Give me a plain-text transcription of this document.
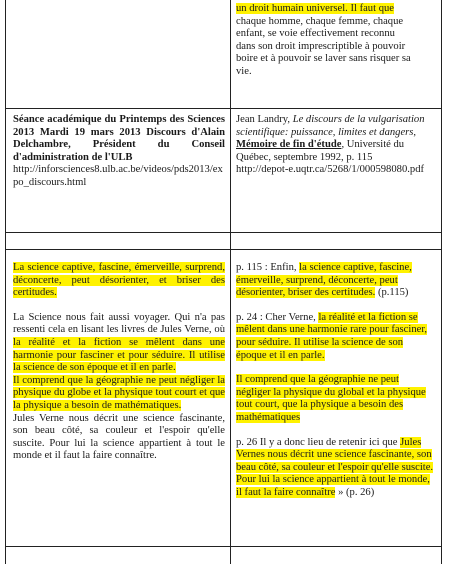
un droit humain universel. Il faut que

chaque homme, chaque femme, chaque

enfant, se voie effectivement reconnu

dans son droit imprescriptible à pouvoir

boire et à pouvoir se laver sans risquer sa

vie.

Séance académique du Printemps des Sciences 2013 Mardi 19 mars 2013 Discours d'Alain Delchambre, Président du Conseil d'administration de l'ULB

http://inforsciences8.ulb.ac.be/videos/pds2013/expo_discours.html

Jean Landry, Le discours de la vulgarisation scientifique: puissance, limites et dangers, Mémoire de fin d'étude, Université du Québec, septembre 1992, p. 115

http://depot-e.uqtr.ca/5268/1/000598080.pdf

La science captive, fascine, émerveille, surprend, déconcerte, peut désorienter, et briser des certitudes.

La Science nous fait aussi voyager. Qui n'a pas ressenti cela en lisant les livres de Jules Verne, où la réalité et la fiction se mêlent dans une harmonie pour fasciner et pour séduire. Il utilise la science de son époque et il en parle.
Il comprend que la géographie ne peut négliger la physique du globe et la physique tout court et que la physique a besoin de mathématiques.

Jules Verne nous décrit une science fascinante, son beau côté, sa couleur et l'espoir qu'elle suscite. Pour lui la science appartient à tout le monde et il faut la faire connaître.

p. 115 : Enfin, la science captive, fascine, émerveille, surprend, déconcerte, peut désorienter, briser des certitudes. (p.115)

p. 24 : Cher Verne, la réalité et la fiction se mêlent dans une harmonie rare pour fasciner, pour séduire. Il utilise la science de son époque et il en parle.

Il comprend que la géographie ne peut négliger la physique du global et la physique tout court, que la physique a besoin des mathématiques

p. 26 Il y a donc lieu de retenir ici que Jules Vernes nous décrit une science fascinante, son beau côté, sa couleur et l'espoir qu'elle suscite. Pour lui la science appartient à tout le monde, il faut la faire connaître » (p. 26)
